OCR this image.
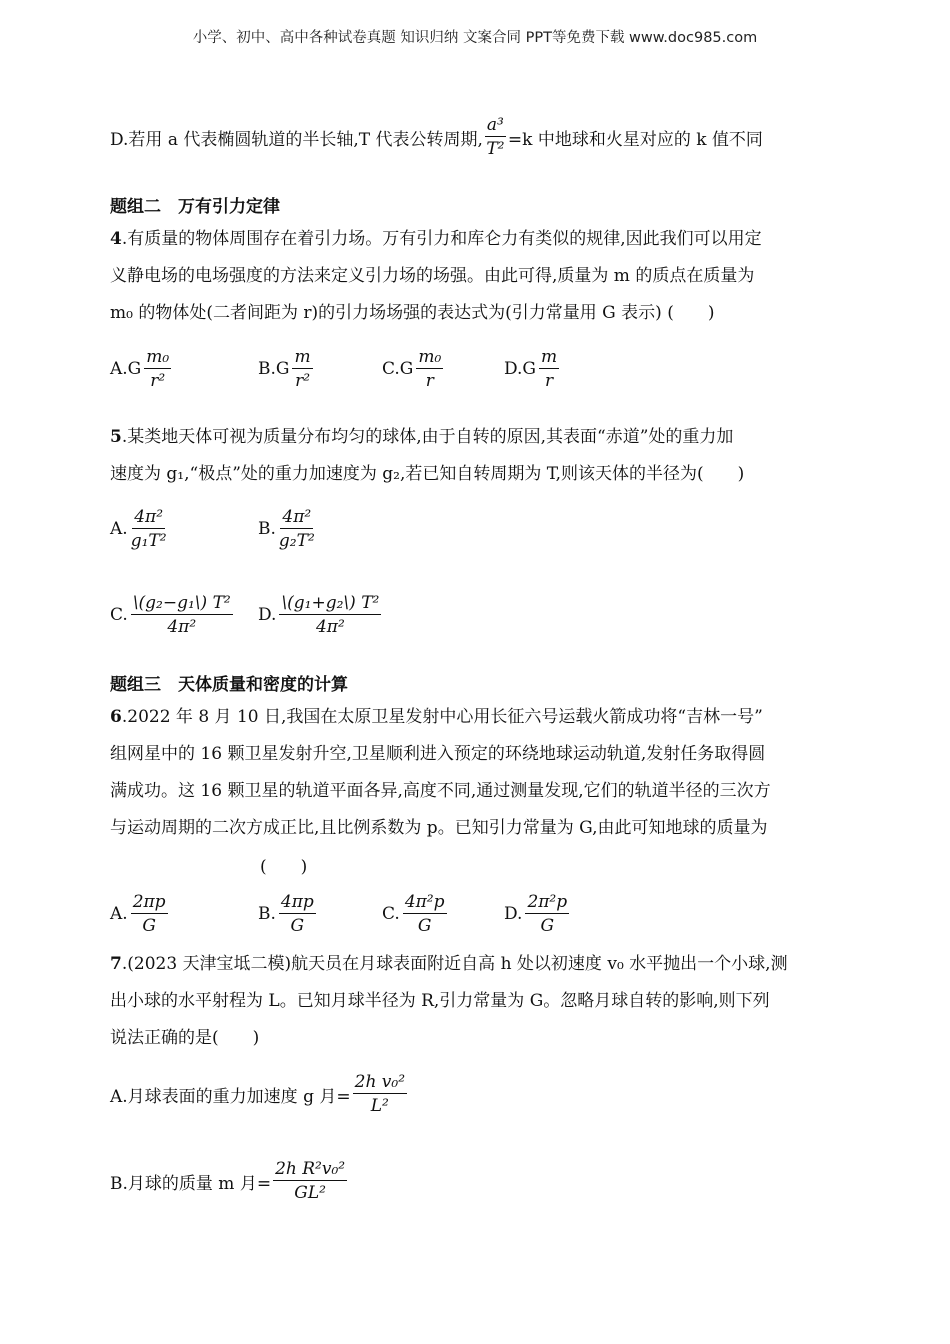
小学、初中、高中各种试卷真题 知识归纳 文案合同 PPT等免费下载 www.doc985.com
D.若用 a 代表椭圆轨道的半长轴,T 代表公转周期, $\frac{\text{a³}}{\text{T²}} =k$ 中地球和火星对应的 k 值不同
题组二　万有引力定律
4.有质量的物体周围存在着引力场。万有引力和库仑力有类似的规律,因此我们可以用定
义静电场的电场强度的方法来定义引力场的场强。由此可得,质量为 m 的质点在质量为
m₀ 的物体处(二者间距为 r)的引力场场强的表达式为(引力常量用 G 表示) (　　)
$A.G \frac{\text{m₀}}{\text{r²}}$	$B.G \frac{m}{\text{r²}}$	$C.G \frac{\text{m₀}}{r}$	$D.G \frac{m}{r}$
5.某类地天体可视为质量分布均匀的球体,由于自转的原因,其表面“赤道”处的重力加
速度为 g₁,“极点”处的重力加速度为 g₂,若已知自转周期为 T,则该天体的半径为(　　)
A. $\frac{\text{4π²}}{\text{g₁T²}}$	B. $\frac{\text{4π²}}{\text{g₂T²}}$
C. $\frac{\text{\textbackslash{}(g₂−g₁\textbackslash{}) T²}}{\text{4π²}} D$. $\frac{\text{\textbackslash{}(g₁+g₂\textbackslash{}) T²}}{\text{4π²}}$
题组三　天体质量和密度的计算
6.2022 年 8 月 10 日,我国在太原卫星发射中心用长征六号运载火箭成功将“吉林一号”
组网星中的 16 颗卫星发射升空,卫星顺利进入预定的环绕地球运动轨道,发射任务取得圆
满成功。这 16 颗卫星的轨道平面各异,高度不同,通过测量发现,它们的轨道半径的三次方
与运动周期的二次方成正比,且比例系数为 p。已知引力常量为 G,由此可知地球的质量为
(　　)
A. $\frac{2\pi p}{G}$	B. $\frac{4\pi p}{G}$	C. $\frac{\text{4π²p}}{G}$	D. $\frac{\text{2π²p}}{G}$
7.(2023 天津宝坻二模)航天员在月球表面附近自高 h 处以初速度 v₀ 水平抛出一个小球,测
出小球的水平射程为 L。已知月球半径为 R,引力常量为 G。忽略月球自转的影响,则下列
说法正确的是(　　)
A.月球表面的重力加速度 g 月= $\frac{\text{2h v₀²}}{\text{L²}}$
B.月球的质量 m 月= $\frac{\text{2h R²v₀²}}{\text{GL²}}$
